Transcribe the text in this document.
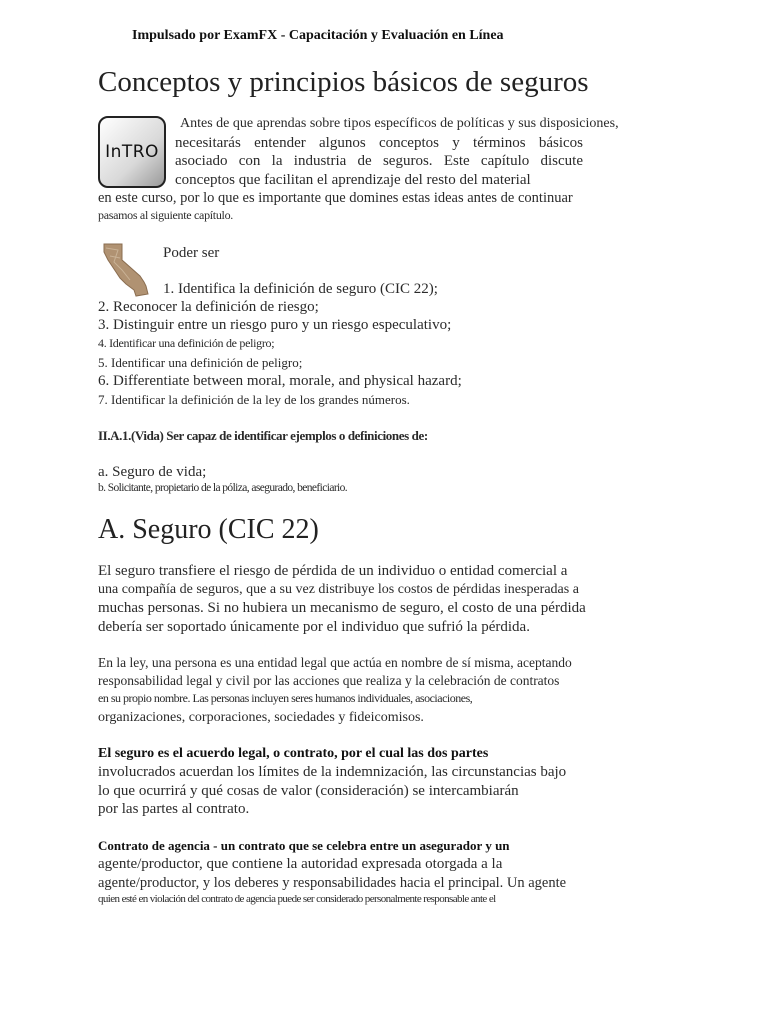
Impulsado por ExamFX - Capacitación y Evaluación en Línea
Conceptos y principios básicos de seguros
InTRO
Antes de que aprendas sobre tipos específicos de políticas y sus disposiciones,
necesitarás entender algunos conceptos y términos básicos
asociado con la industria de seguros. Este capítulo discute
conceptos que facilitan el aprendizaje del resto del material
en este curso, por lo que es importante que domines estas ideas antes de continuar
pasamos al siguiente capítulo.
Poder ser
1. Identifica la definición de seguro (CIC 22);
2. Reconocer la definición de riesgo;
3. Distinguir entre un riesgo puro y un riesgo especulativo;
4. Identificar una definición de peligro;
5. Identificar una definición de peligro;
6. Differentiate between moral, morale, and physical hazard;
7. Identificar la definición de la ley de los grandes números.
II.A.1.(Vida) Ser capaz de identificar ejemplos o definiciones de:
a. Seguro de vida;
b. Solicitante, propietario de la póliza, asegurado, beneficiario.
A. Seguro (CIC 22)
El seguro transfiere el riesgo de pérdida de un individuo o entidad comercial a
una compañía de seguros, que a su vez distribuye los costos de pérdidas inesperadas a
muchas personas. Si no hubiera un mecanismo de seguro, el costo de una pérdida
debería ser soportado únicamente por el individuo que sufrió la pérdida.
En la ley, una persona es una entidad legal que actúa en nombre de sí misma, aceptando
responsabilidad legal y civil por las acciones que realiza y la celebración de contratos
en su propio nombre. Las personas incluyen seres humanos individuales, asociaciones,
organizaciones, corporaciones, sociedades y fideicomisos.
El seguro es el acuerdo legal, o contrato, por el cual las dos partes
involucrados acuerdan los límites de la indemnización, las circunstancias bajo
lo que ocurrirá y qué cosas de valor (consideración) se intercambiarán
por las partes al contrato.
Contrato de agencia - un contrato que se celebra entre un asegurador y un
agente/productor, que contiene la autoridad expresada otorgada a la
agente/productor, y los deberes y responsabilidades hacia el principal. Un agente
quien esté en violación del contrato de agencia puede ser considerado personalmente responsable ante el
